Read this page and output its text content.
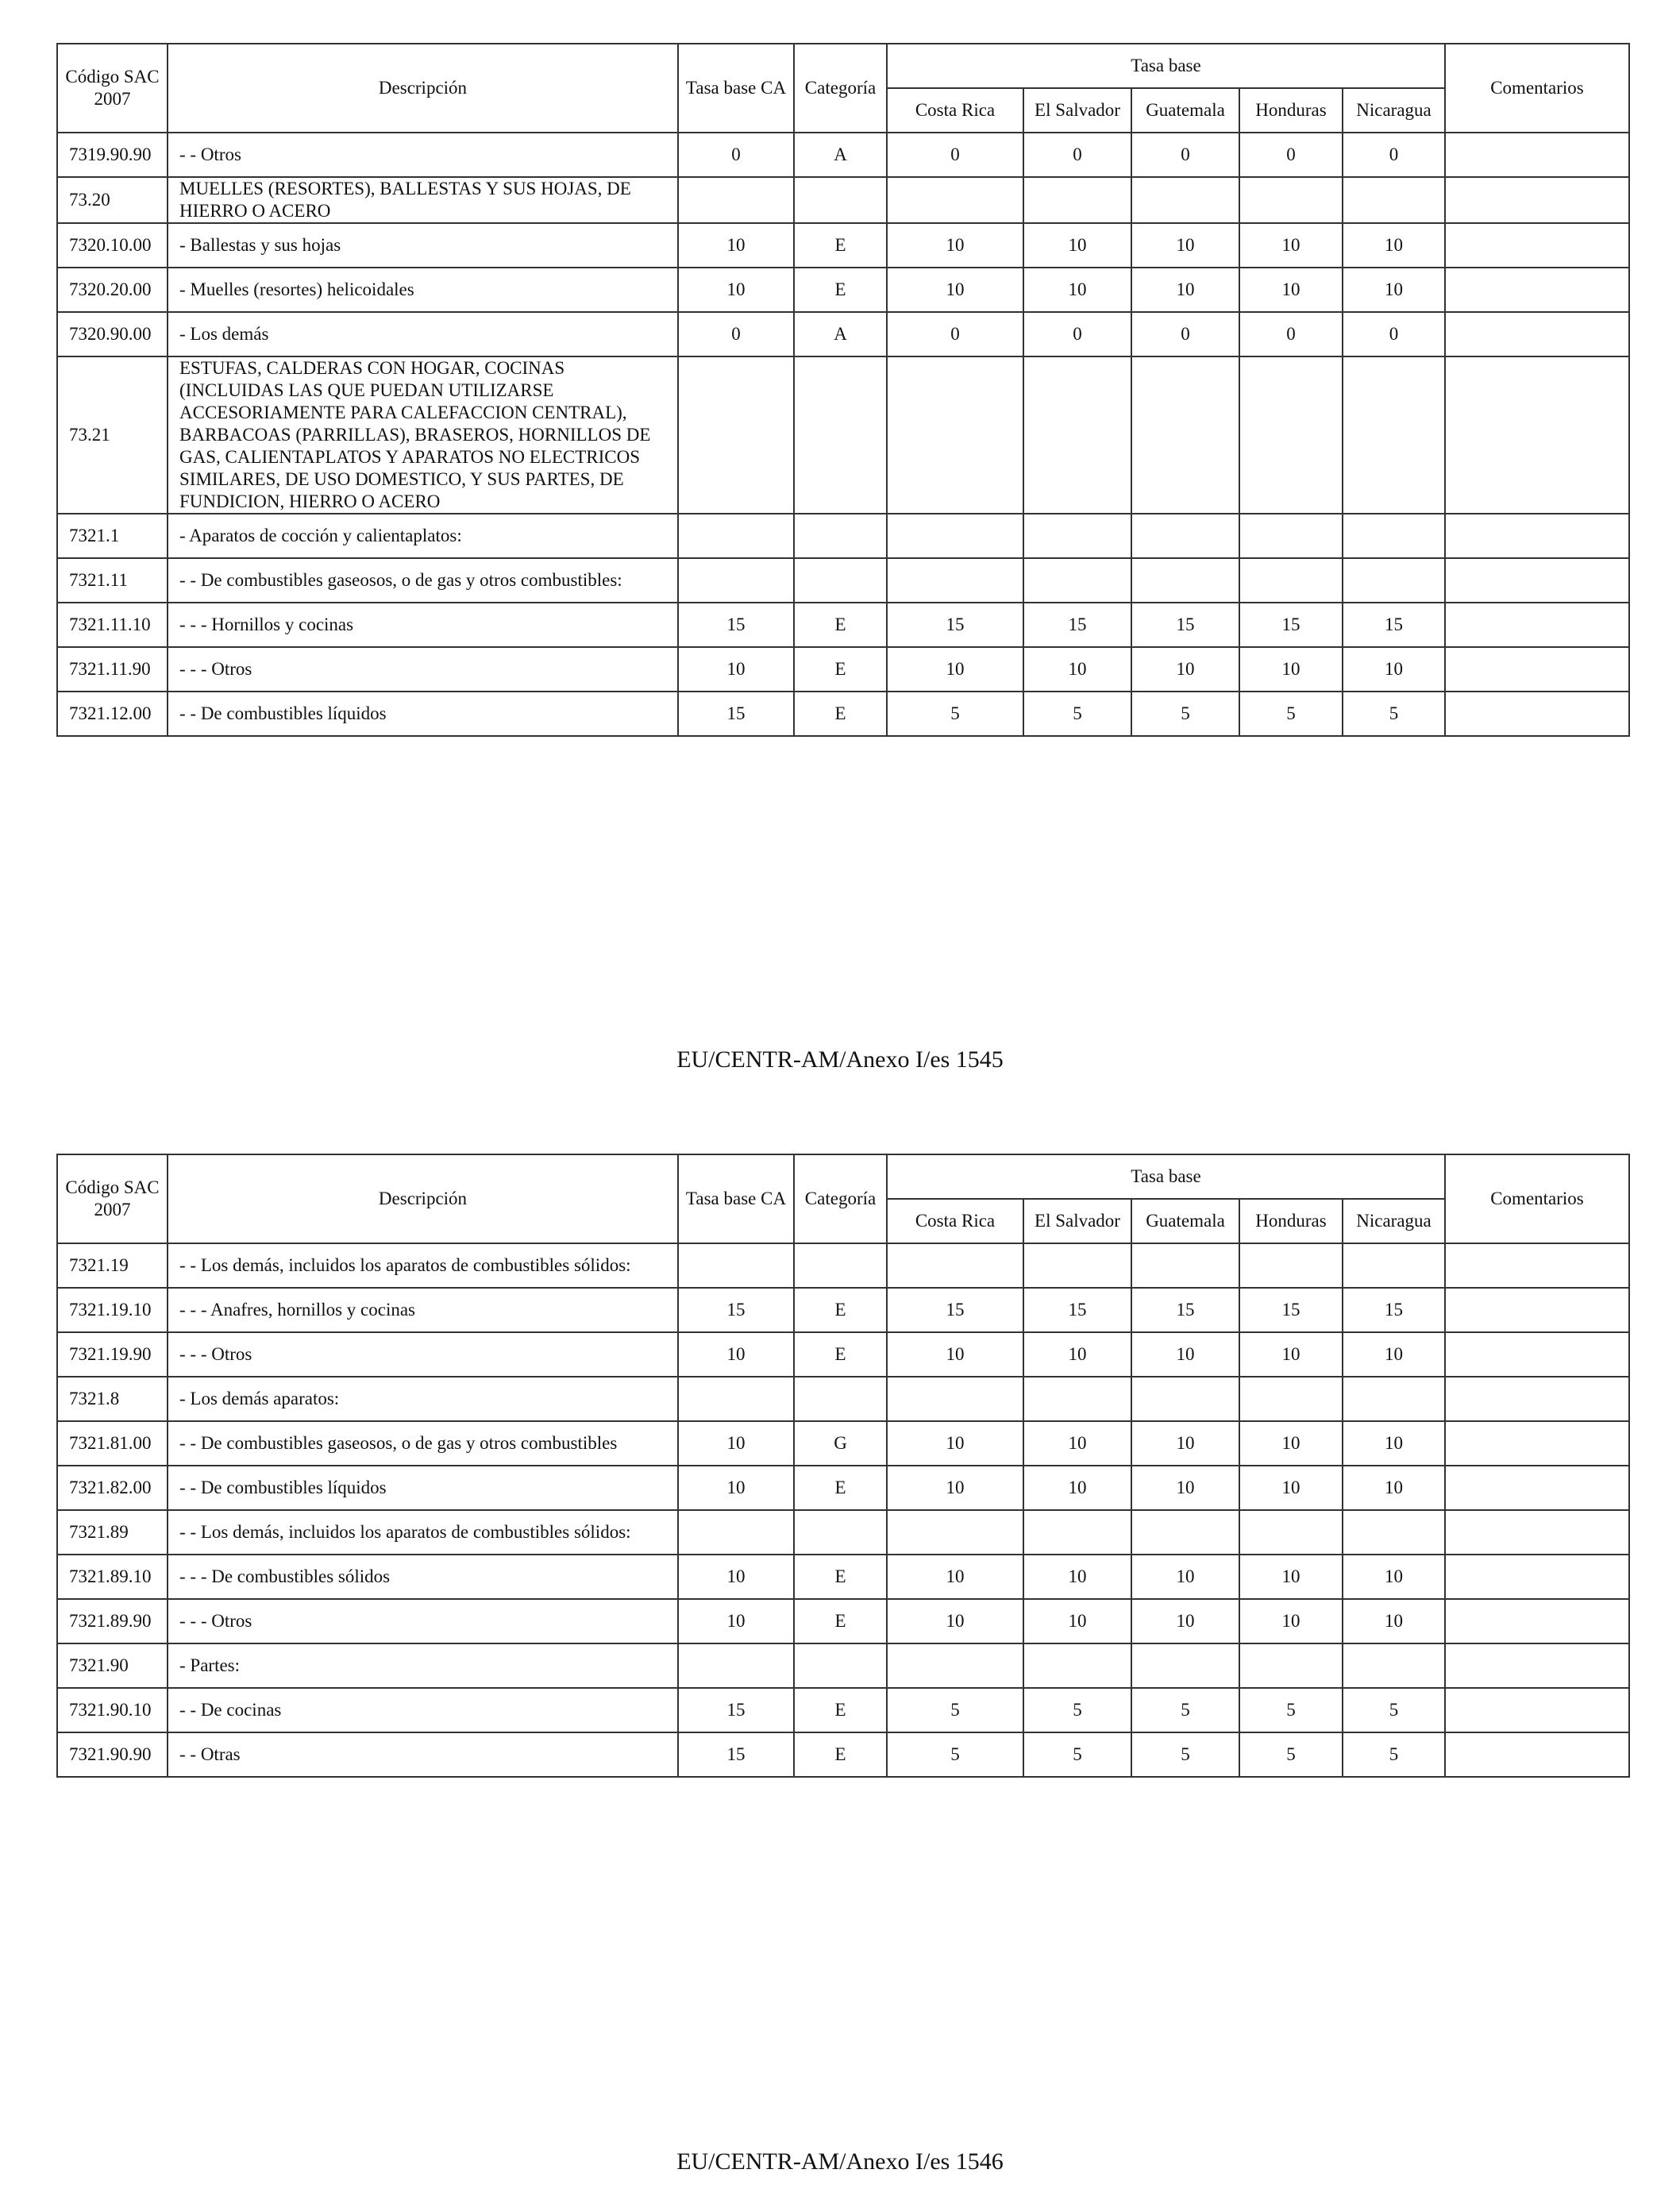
Código SAC 2007	Descripción	Tasa base CA	Categoría	Tasa base					Comentarios
				Costa Rica	El Salvador	Guatemala	Honduras	Nicaragua	
7319.90.90	- - Otros	0	A	0	0	0	0	0	
73.20	MUELLES (RESORTES), BALLESTAS Y SUS HOJAS, DE HIERRO O ACERO								
7320.10.00	- Ballestas y sus hojas	10	E	10	10	10	10	10	
7320.20.00	- Muelles (resortes) helicoidales	10	E	10	10	10	10	10	
7320.90.00	- Los demás	0	A	0	0	0	0	0	
73.21	ESTUFAS, CALDERAS CON HOGAR, COCINAS (INCLUIDAS LAS QUE PUEDAN UTILIZARSE ACCESORIAMENTE PARA CALEFACCION CENTRAL), BARBACOAS (PARRILLAS), BRASEROS, HORNILLOS DE GAS, CALIENTAPLATOS Y APARATOS NO ELECTRICOS SIMILARES, DE USO DOMESTICO, Y SUS PARTES, DE FUNDICION, HIERRO O ACERO								
7321.1	- Aparatos de cocción y calientaplatos:								
7321.11	- - De combustibles gaseosos, o de gas y otros combustibles:								
7321.11.10	- - - Hornillos y cocinas	15	E	15	15	15	15	15	
7321.11.90	- - - Otros	10	E	10	10	10	10	10	
7321.12.00	- - De combustibles líquidos	15	E	5	5	5	5	5	
EU/CENTR-AM/Anexo I/es 1545
Código SAC 2007	Descripción	Tasa base CA	Categoría	Tasa base					Comentarios
				Costa Rica	El Salvador	Guatemala	Honduras	Nicaragua	
7321.19	- - Los demás, incluidos los aparatos de combustibles sólidos:								
7321.19.10	- - - Anafres, hornillos y cocinas	15	E	15	15	15	15	15	
7321.19.90	- - - Otros	10	E	10	10	10	10	10	
7321.8	- Los demás aparatos:								
7321.81.00	- - De combustibles gaseosos, o de gas y otros combustibles	10	G	10	10	10	10	10	
7321.82.00	- - De combustibles líquidos	10	E	10	10	10	10	10	
7321.89	- - Los demás, incluidos los aparatos de combustibles sólidos:								
7321.89.10	- - - De combustibles sólidos	10	E	10	10	10	10	10	
7321.89.90	- - - Otros	10	E	10	10	10	10	10	
7321.90	- Partes:								
7321.90.10	- - De cocinas	15	E	5	5	5	5	5	
7321.90.90	- - Otras	15	E	5	5	5	5	5	
EU/CENTR-AM/Anexo I/es 1546
